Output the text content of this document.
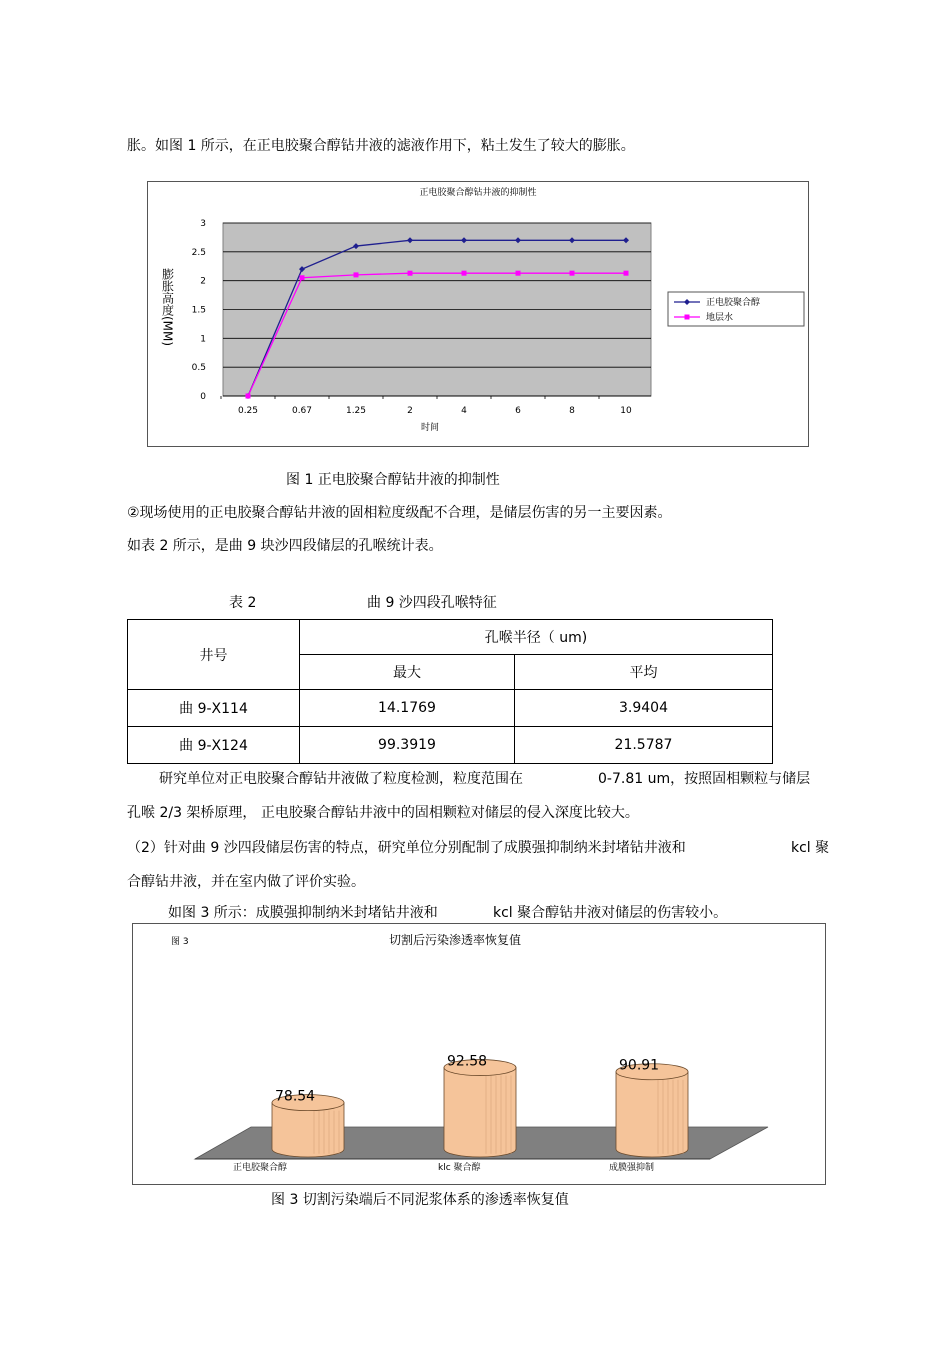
胀。如图 1 所示，在正电胶聚合醇钻井液的滤液作用下，粘土发生了较大的膨胀。
正电胶聚合醇钻井液的抑制性
0
0.5
1
1.5
2
2.5
3
0.25	0.67	1.25	2	4	6	8	10
正电胶聚合醇
地层水
时间
膨胀高度(MM)
图 1 正电胶聚合醇钻井液的抑制性
②现场使用的正电胶聚合醇钻井液的固相粒度级配不合理，是储层伤害的另一主要因素。
如表 2 所示，是曲 9 块沙四段储层的孔喉统计表。
表 2	曲 9 沙四段孔喉特征
井号	孔喉半径（ um)	
	最大	平均
曲 9-X114	14.1769	3.9404
曲 9-X124	99.3919	21.5787
研究单位对正电胶聚合醇钻井液做了粒度检测，粒度范围在	0-7.81 um，按照固相颗粒与储层
孔喉 2/3 架桥原理， 正电胶聚合醇钻井液中的固相颗粒对储层的侵入深度比较大。
（2）针对曲 9 沙四段储层伤害的特点，研究单位分别配制了成膜强抑制纳米封堵钻井液和	kcl 聚
合醇钻井液，并在室内做了评价实验。
如图 3 所示：成膜强抑制纳米封堵钻井液和	kcl 聚合醇钻井液对储层的伤害较小。
图 3	切割后污染渗透率恢复值
78.54
正电胶聚合醇
92.58
klc 聚合醇
90.91
成膜强抑制
图 3 切割污染端后不同泥浆体系的渗透率恢复值
